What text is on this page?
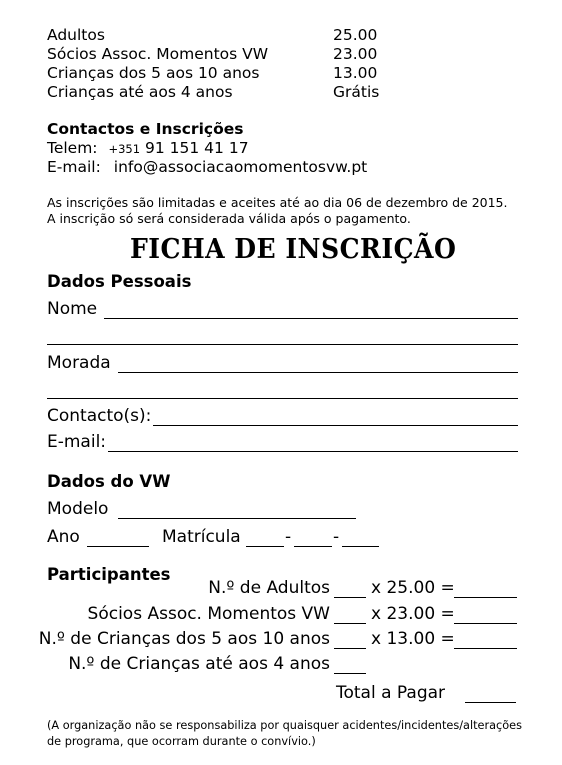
Adultos	25.00
Sócios Assoc. Momentos VW	23.00
Crianças dos 5 aos 10 anos	13.00
Crianças até aos 4 anos	Grátis
Contactos e Inscrições
Telem: +351 91 151 41 17
E-mail: info@associacaomomentosvw.pt
As inscrições são limitadas e aceites até ao dia 06 de dezembro de 2015.
A inscrição só será considerada válida após o pagamento.
FICHA DE INSCRIÇÃO
Dados Pessoais
Nome
Morada
Contacto(s):
E-mail:
Dados do VW
Modelo
Ano	Matrícula	- -
Participantes
N.º de Adultos x 25.00 =
Sócios Assoc. Momentos VW x 23.00 =
N.º de Crianças dos 5 aos 10 anos x 13.00 =
N.º de Crianças até aos 4 anos
Total a Pagar
(A organização não se responsabiliza por quaisquer acidentes/incidentes/alterações
de programa, que ocorram durante o convívio.)
